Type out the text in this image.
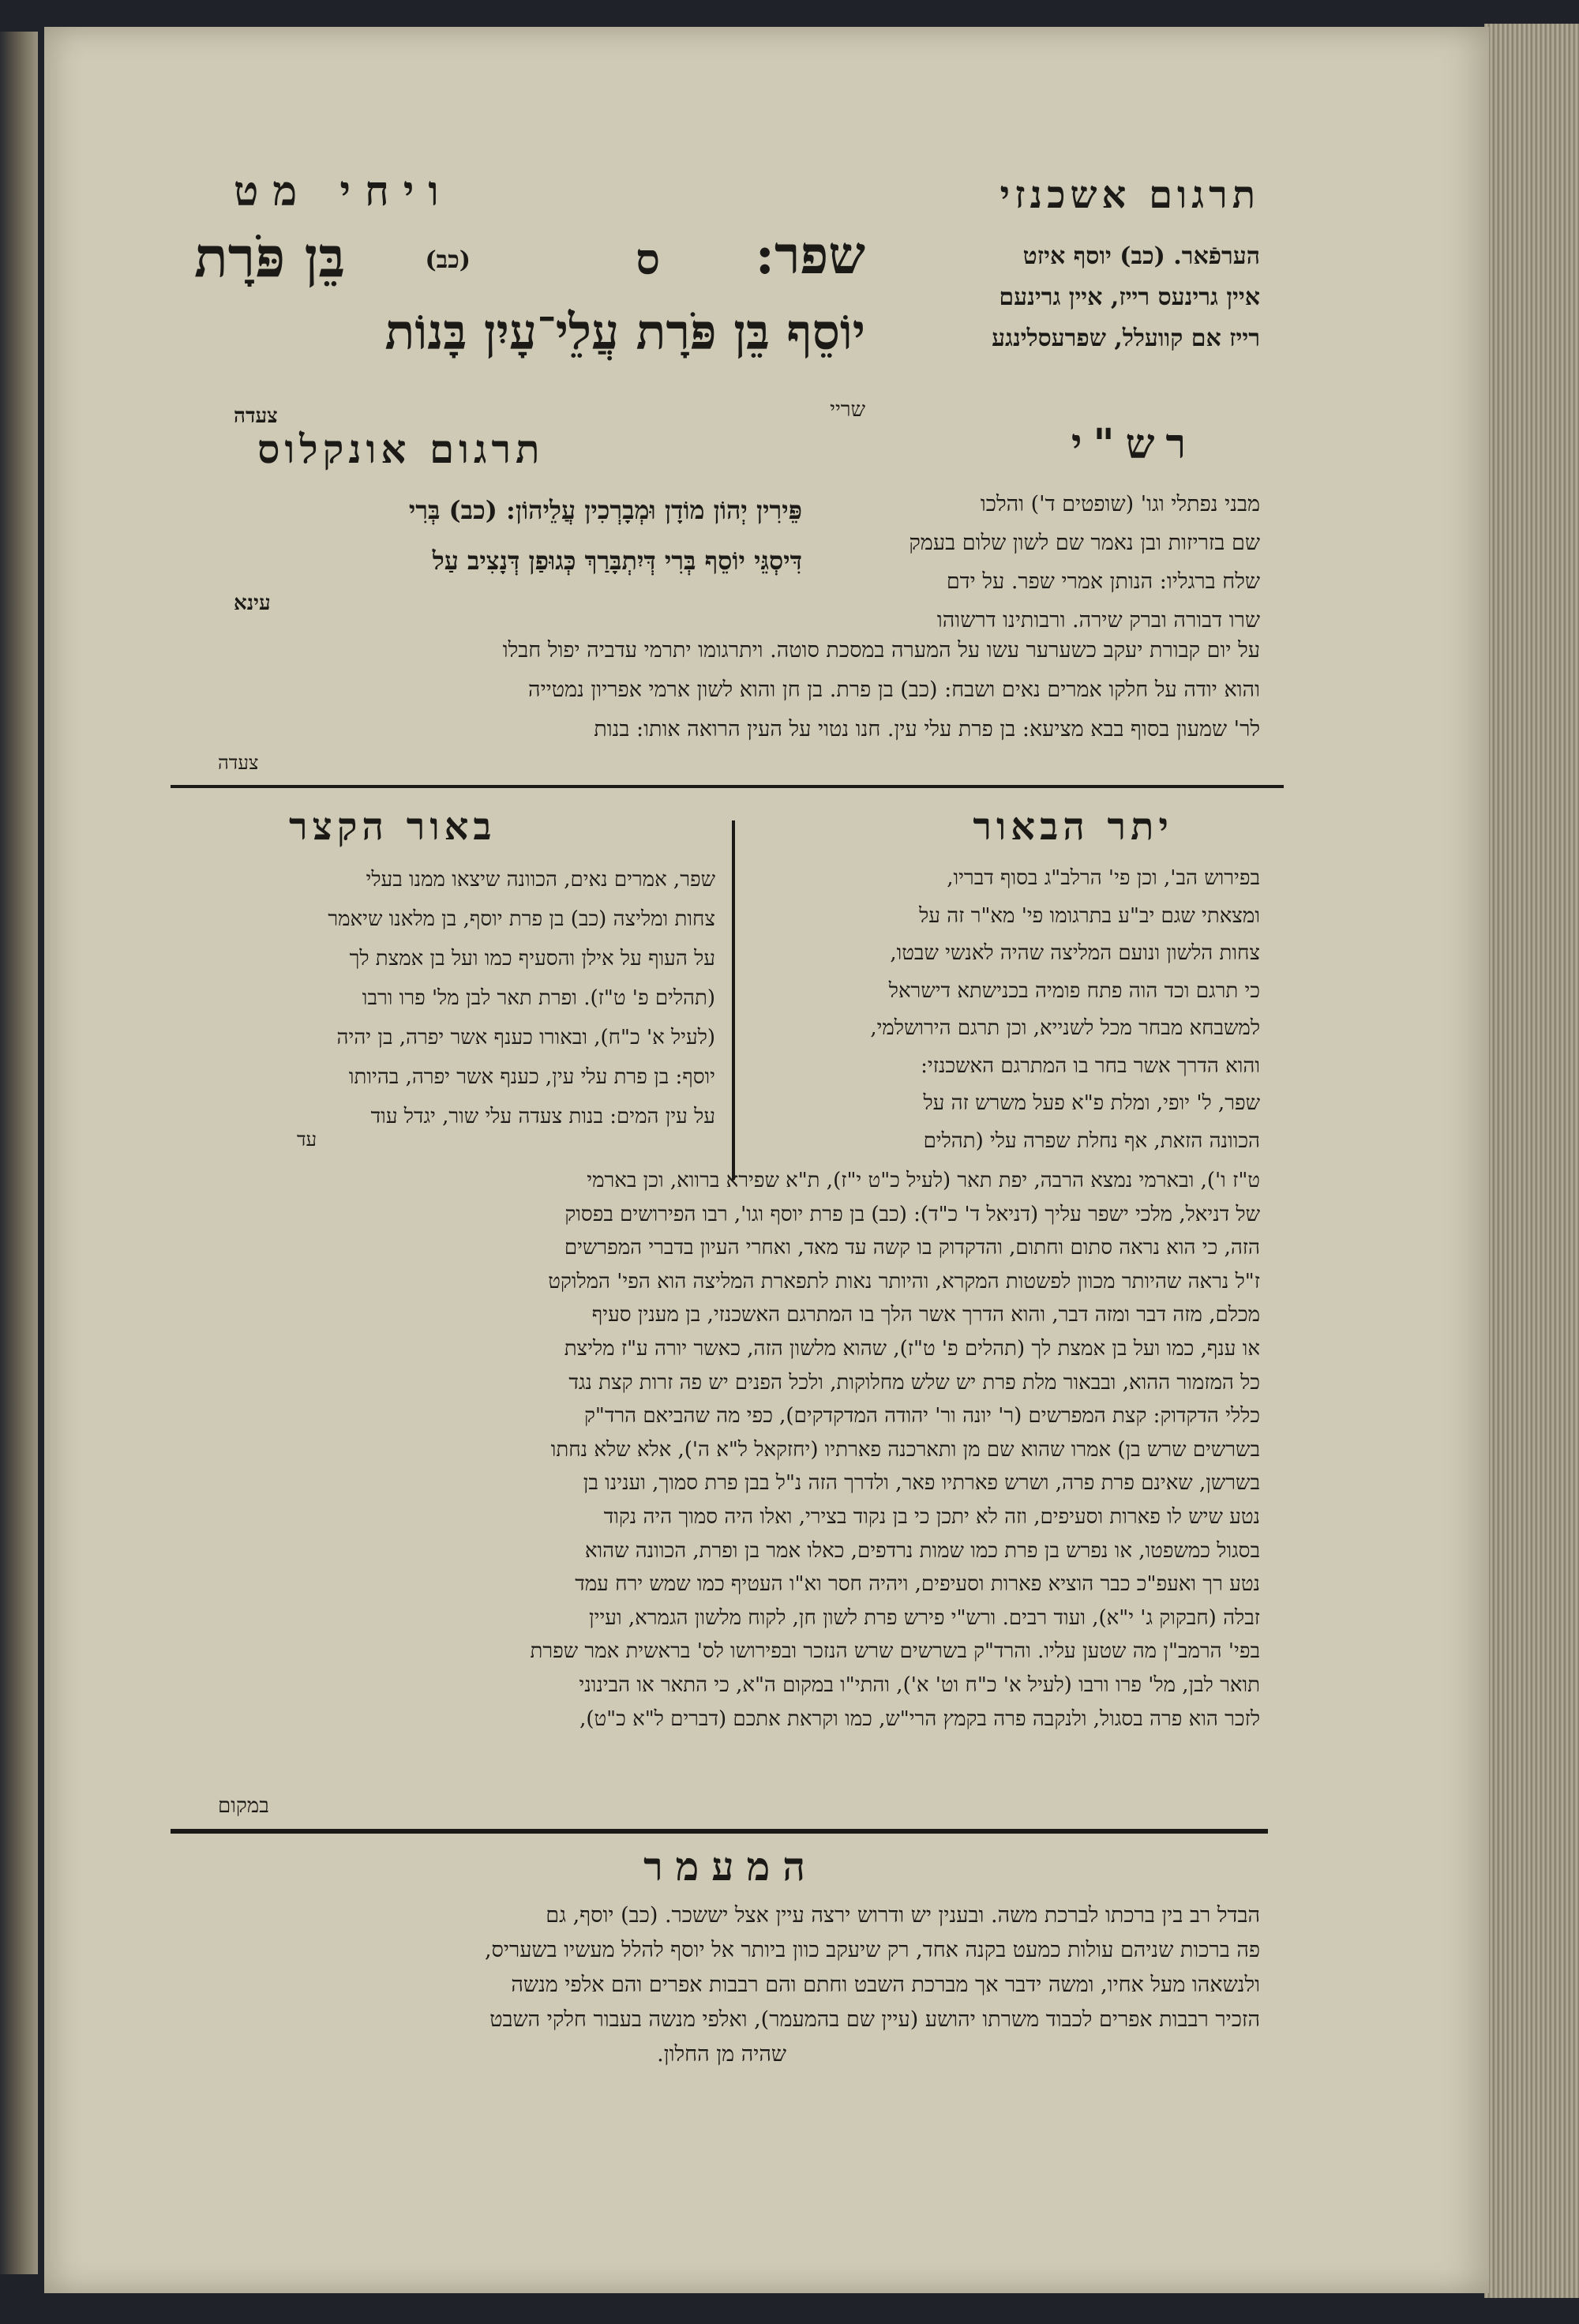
תרגום אשכנזי
ויחי מט
הערפֿאר. (כב) יוסף איזט
איין גרינעס רייז, איין גרינעם
רייז אם קוועלל, שפרעסלינגע
שפר:
ס
(כב)
בֵּן פֹּרָת
יוֹסֵף בֵּן פֹּרָת עֲלֵי־עָיִן בָּנוֹת
שריי
צעדה
רש"י
מבני נפתלי וגו' (שופטים ד') והלכו
שם בזריזות ובן נאמר שם לשון שלום בעמק
שלח ברגליו: הנותן אמרי שפר. על ידם
שרו דבורה וברק שירה. ורבותינו דרשוהו
תרגום אונקלוס
פֵּירִין יְהוֹן מוֹדָן וּמְבָרְכִין עֲלֵיהוֹן: (כב) בְּרִי
דִּיסְגֵּי יוֹסֵף בְּרִי דְּיִתְבָּרַךְ כְּגוּפַן דְּנָצִיב עַל
עינא
על יום קבורת יעקב כשערער עשו על המערה במסכת סוטה. ויתרגומו יתרמי עדביה יפול חבלו
והוא יודה על חלקו אמרים נאים ושבח: (כב) בן פרת. בן חן והוא לשון ארמי אפריון נמטייה
לר' שמעון בסוף בבא מציעא: בן פרת עלי עין. חנו נטוי על העין הרואה אותו: בנות
צעדה
יתר הבאור
בפירוש הב', וכן פי' הרלב"ג בסוף דבריו,
ומצאתי שגם יב"ע בתרגומו פי' מא"ר זה על
צחות הלשון ונועם המליצה שהיה לאנשי שבטו,
כי תרגם וכד הוה פתח פומיה בכנישתא דישראל
למשבחא מבחר מכל לשנייא, וכן תרגם הירושלמי,
והוא הדרך אשר בחר בו המתרגם האשכנזי:
שפר, ל' יופי, ומלת פ"א פעל משרש זה על
הכוונה הזאת, אף נחלת שפרה עלי (תהלים
באור הקצר
שפר, אמרים נאים, הכוונה שיצאו ממנו בעלי
צחות ומליצה (כב) בן פרת יוסף, בן מלאנו שיאמר
על העוף על אילן והסעיף כמו ועל בן אמצת לך
(תהלים פ' ט"ז). ופרת תאר לבן מל' פרו ורבו
(לעיל א' כ"ח), ובאורו כענף אשר יפרה, בן יהיה
יוסף: בן פרת עלי עין, כענף אשר יפרה, בהיותו
על עין המים: בנות צעדה עלי שור, יגדל עוד
עד
ט"ז ו'), ובארמי נמצא הרבה, יפת תאר (לעיל כ"ט י"ז), ת"א שפירא ברווא, וכן בארמי
של דניאל, מלכי ישפר עליך (דניאל ד' כ"ד): (כב) בן פרת יוסף וגו', רבו הפירושים בפסוק
הזה, כי הוא נראה סתום וחתום, והדקדוק בו קשה עד מאד, ואחרי העיון בדברי המפרשים
ז"ל נראה שהיותר מכוון לפשטות המקרא, והיותר נאות לתפארת המליצה הוא הפי' המלוקט
מכלם, מזה דבר ומזה דבר, והוא הדרך אשר הלך בו המתרגם האשכנזי, בן מענין סעיף
או ענף, כמו ועל בן אמצת לך (תהלים פ' ט"ז), שהוא מלשון הזה, כאשר יורה ע"ז מליצת
כל המזמור ההוא, ובבאור מלת פרת יש שלש מחלוקות, ולכל הפנים יש פה זרות קצת נגד
כללי הדקדוק: קצת המפרשים (ר' יונה ור' יהודה המדקדקים), כפי מה שהביאם הרד"ק
בשרשים שרש בן) אמרו שהוא שם מן ותארכנה פארתיו (יחזקאל ל"א ה'), אלא שלא נחתו
בשרשן, שאינם פרת פרה, ושרש פארתיו פאר, ולדרך הזה נ"ל בבן פרת סמוך, וענינו בן
נטע שיש לו פארות וסעיפים, וזה לא יתכן כי בן נקוד בצירי, ואלו היה סמוך היה נקוד
בסגול כמשפטו, או נפרש בן פרת כמו שמות נרדפים, כאלו אמר בן ופרת, הכוונה שהוא
נטע רך ואעפ"כ כבר הוציא פארות וסעיפים, ויהיה חסר וא"ו העטיף כמו שמש ירח עמד
זבלה (חבקוק ג' י"א), ועוד רבים. ורש"י פירש פרת לשון חן, לקוח מלשון הגמרא, ועיין
בפי' הרמב"ן מה שטען עליו. והרד"ק בשרשים שרש הנזכר ובפירושו לס' בראשית אמר שפרת
תואר לבן, מל' פרו ורבו (לעיל א' כ"ח וט' א'), והתי"ו במקום ה"א, כי התאר או הבינוני
לזכר הוא פרה בסגול, ולנקבה פרה בקמץ הרי"ש, כמו וקראת אתכם (דברים ל"א כ"ט),
במקום
המעמר
הבדל רב בין ברכתו לברכת משה. ובענין יש ודרוש ירצה עיין אצל יששכר. (כב) יוסף, גם
פה ברכות שניהם עולות כמעט בקנה אחד, רק שיעקב כוון ביותר אל יוסף להלל מעשיו בשעריס,
ולנשאהו מעל אחיו, ומשה ידבר אך מברכת השבט וחתם והם רבבות אפרים והם אלפי מנשה
הזכיר רבבות אפרים לכבוד משרתו יהושע (עיין שם בהמעמר), ואלפי מנשה בעבור חלקי השבט
שהיה מן החלון.
